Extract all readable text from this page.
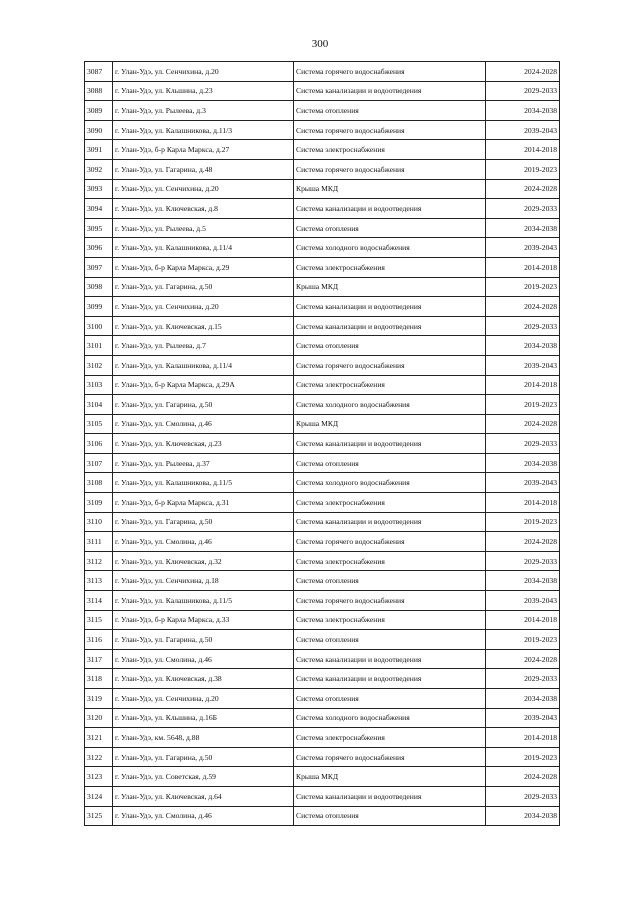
300
3087	г. Улан-Удэ, ул. Сенчихина, д.20	Система горячего водоснабжения	2024-2028
3088	г. Улан-Удэ, ул. Кльшина, д.23	Система канализации и водоотведения	2029-2033
3089	г. Улан-Удэ, ул. Рылеева, д.3	Система отопления	2034-2038
3090	г. Улан-Удэ, ул. Калашникова, д.11/3	Система горячего водоснабжения	2039-2043
3091	г. Улан-Удэ, б-р Карла Маркса, д.27	Система электроснабжения	2014-2018
3092	г. Улан-Удэ, ул. Гагарина, д.48	Система горячего водоснабжения	2019-2023
3093	г. Улан-Удэ, ул. Сенчихина, д.20	Крыша МКД	2024-2028
3094	г. Улан-Удэ, ул. Ключевская, д.8	Система канализации и водоотведения	2029-2033
3095	г. Улан-Удэ, ул. Рылеева, д.5	Система отопления	2034-2038
3096	г. Улан-Удэ, ул. Калашникова, д.11/4	Система холодного водоснабжения	2039-2043
3097	г. Улан-Удэ, б-р Карла Маркса, д.29	Система электроснабжения	2014-2018
3098	г. Улан-Удэ, ул. Гагарина, д.50	Крыша МКД	2019-2023
3099	г. Улан-Удэ, ул. Сенчихина, д.20	Система канализации и водоотведения	2024-2028
3100	г. Улан-Удэ, ул. Ключевская, д.15	Система канализации и водоотведения	2029-2033
3101	г. Улан-Удэ, ул. Рылеева, д.7	Система отопления	2034-2038
3102	г. Улан-Удэ, ул. Калашникова, д.11/4	Система горячего водоснабжения	2039-2043
3103	г. Улан-Удэ, б-р Карла Маркса, д.29А	Система электроснабжения	2014-2018
3104	г. Улан-Удэ, ул. Гагарина, д.50	Система холодного водоснабжения	2019-2023
3105	г. Улан-Удэ, ул. Смолина, д.46	Крыша МКД	2024-2028
3106	г. Улан-Удэ, ул. Ключевская, д.23	Система канализации и водоотведения	2029-2033
3107	г. Улан-Удэ, ул. Рылеева, д.37	Система отопления	2034-2038
3108	г. Улан-Удэ, ул. Калашникова, д.11/5	Система холодного водоснабжения	2039-2043
3109	г. Улан-Удэ, б-р Карла Маркса, д.31	Система электроснабжения	2014-2018
3110	г. Улан-Удэ, ул. Гагарина, д.50	Система канализации и водоотведения	2019-2023
3111	г. Улан-Удэ, ул. Смолина, д.46	Система горячего водоснабжения	2024-2028
3112	г. Улан-Удэ, ул. Ключевская, д.32	Система электроснабжения	2029-2033
3113	г. Улан-Удэ, ул. Сенчихина, д.18	Система отопления	2034-2038
3114	г. Улан-Удэ, ул. Калашникова, д.11/5	Система горячего водоснабжения	2039-2043
3115	г. Улан-Удэ, б-р Карла Маркса, д.33	Система электроснабжения	2014-2018
3116	г. Улан-Удэ, ул. Гагарина, д.50	Система отопления	2019-2023
3117	г. Улан-Удэ, ул. Смолина, д.46	Система канализации и водоотведения	2024-2028
3118	г. Улан-Удэ, ул. Ключевская, д.38	Система канализации и водоотведения	2029-2033
3119	г. Улан-Удэ, ул. Сенчихина, д.20	Система отопления	2034-2038
3120	г. Улан-Удэ, ул. Кльшина, д.16Б	Система холодного водоснабжения	2039-2043
3121	г. Улан-Удэ, км. 5648, д.88	Система электроснабжения	2014-2018
3122	г. Улан-Удэ, ул. Гагарина, д.50	Система горячего водоснабжения	2019-2023
3123	г. Улан-Удэ, ул. Советская, д.59	Крыша МКД	2024-2028
3124	г. Улан-Удэ, ул. Ключевская, д.64	Система канализации и водоотведения	2029-2033
3125	г. Улан-Удэ, ул. Смолина, д.46	Система отопления	2034-2038
